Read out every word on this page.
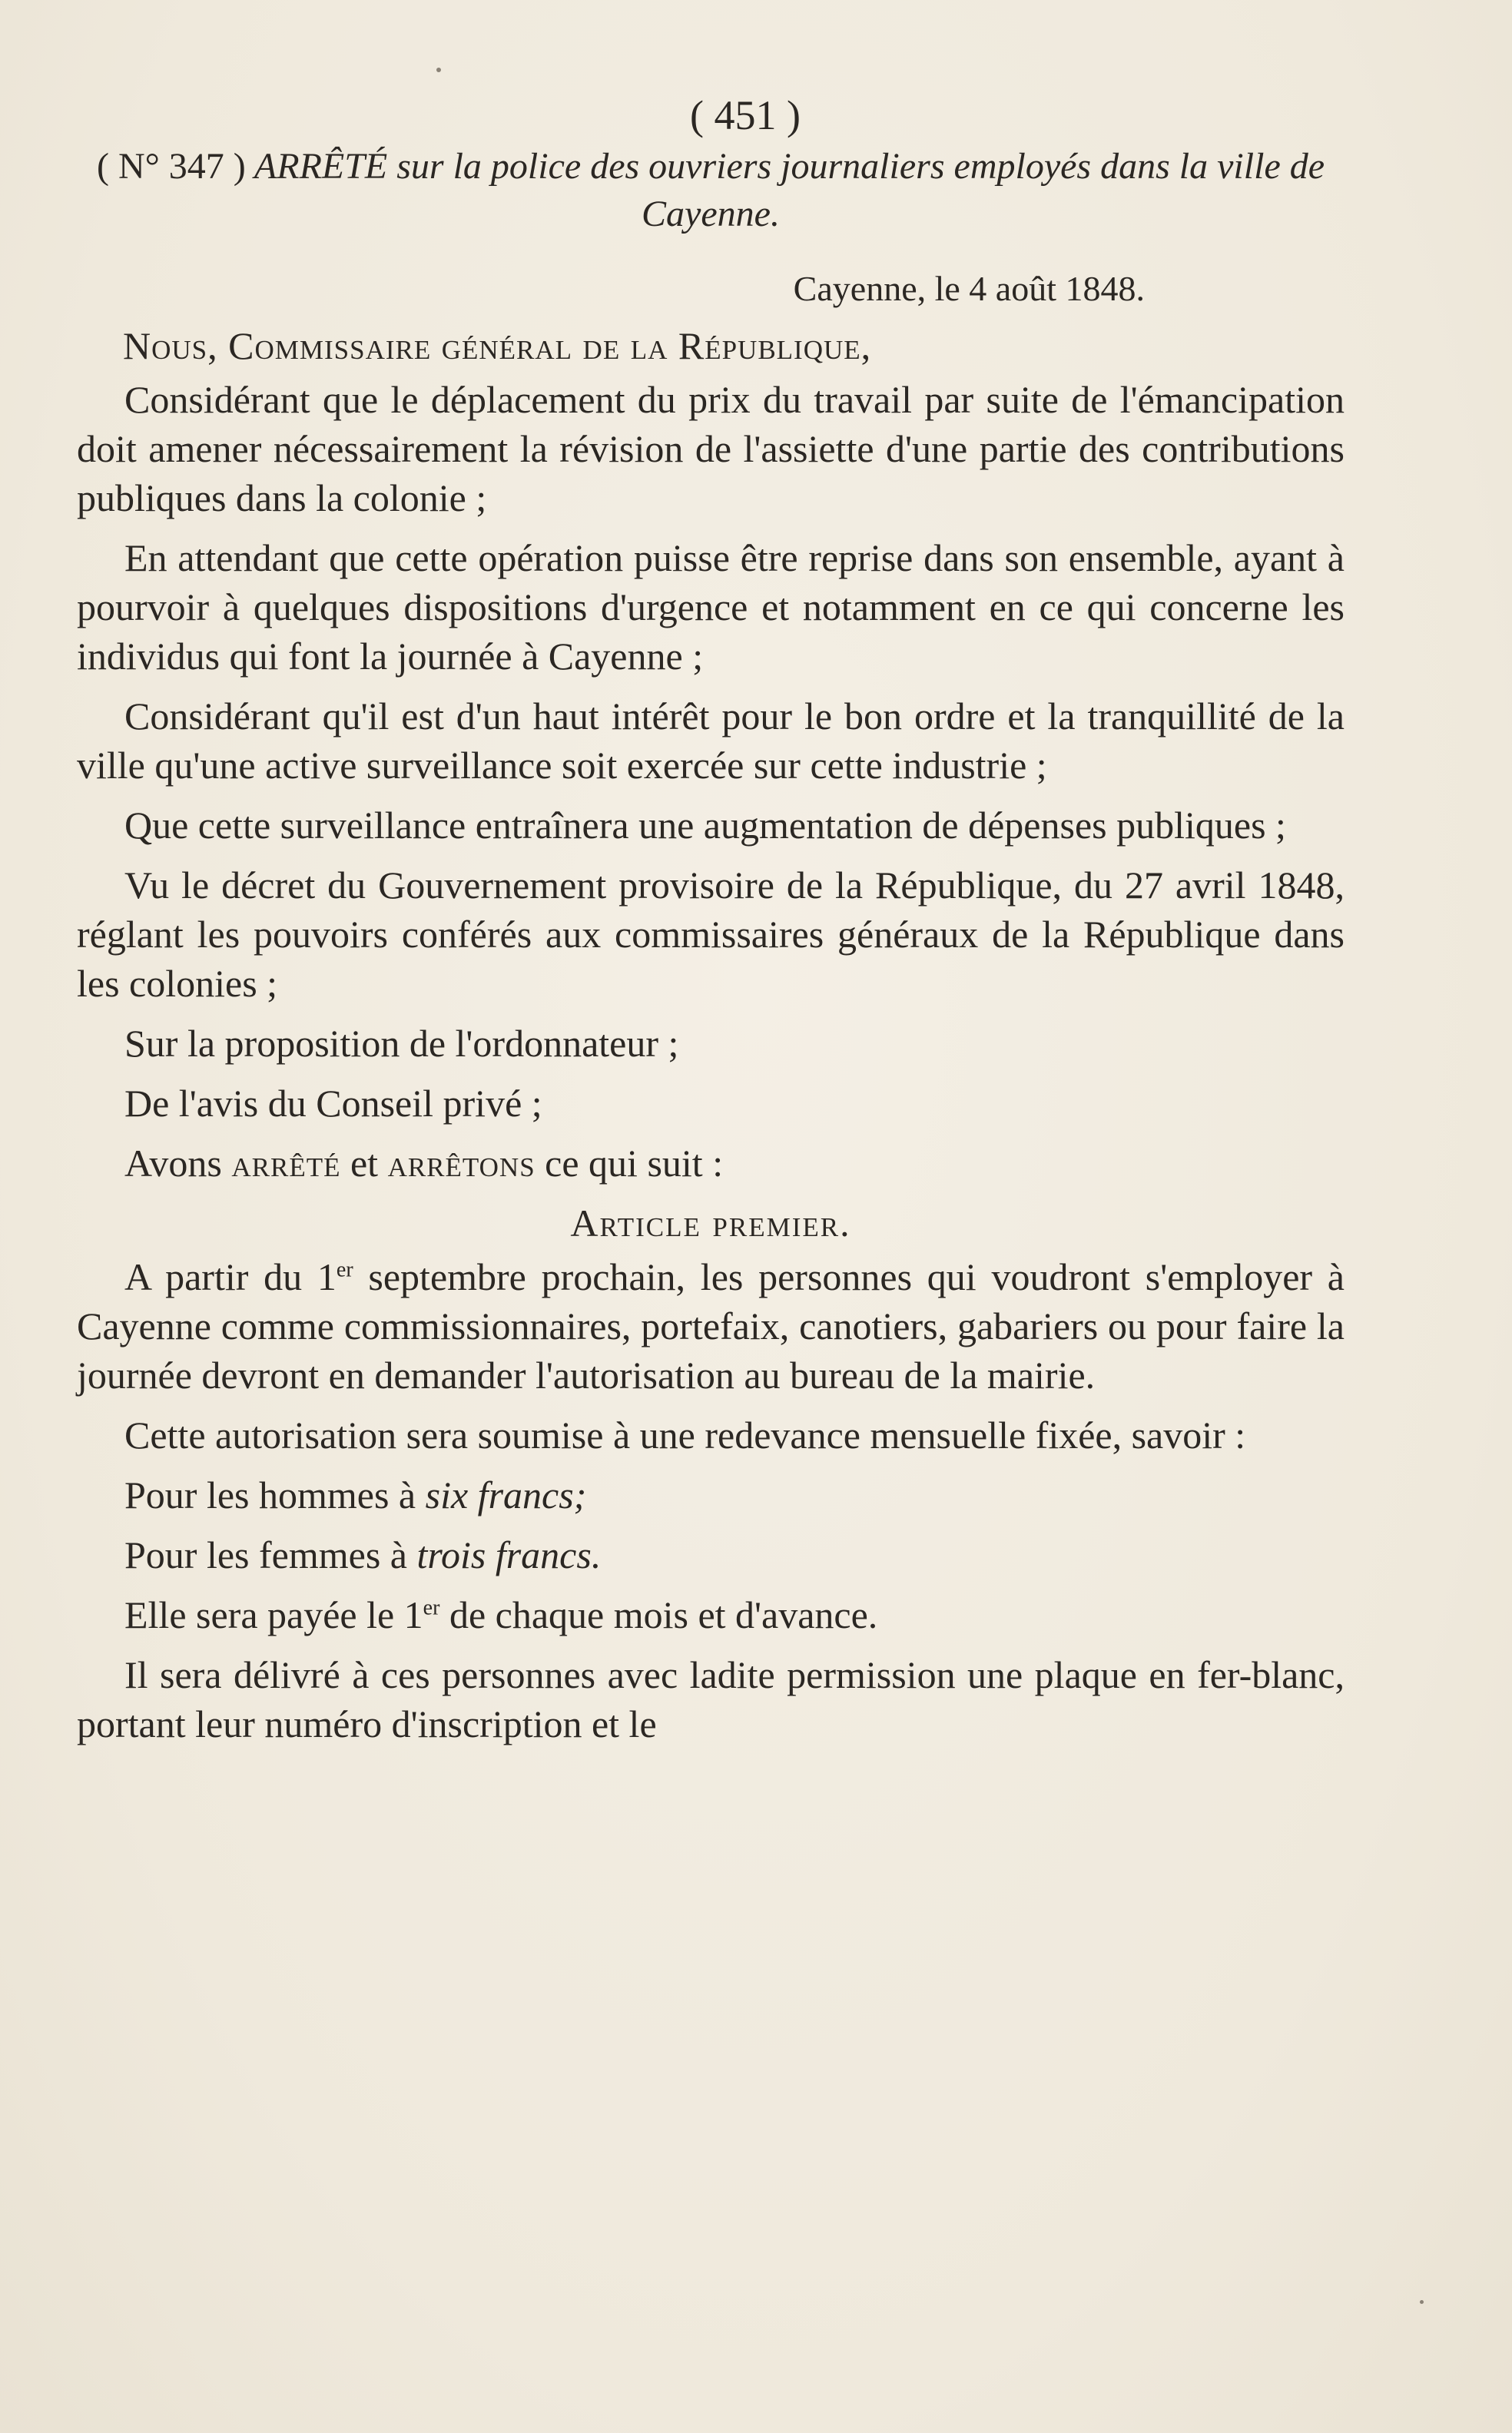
( 451 )
( N° 347 ) ARRÊTÉ sur la police des ouvriers journaliers employés dans la ville de Cayenne.
Cayenne, le 4 août 1848.
Nous, Commissaire général de la République,

Considérant que le déplacement du prix du travail par suite de l'émancipation doit amener nécessairement la révision de l'assiette d'une partie des contributions publiques dans la colonie ;

En attendant que cette opération puisse être reprise dans son ensemble, ayant à pourvoir à quelques dispositions d'urgence et notamment en ce qui concerne les individus qui font la journée à Cayenne ;

Considérant qu'il est d'un haut intérêt pour le bon ordre et la tranquillité de la ville qu'une active surveillance soit exercée sur cette industrie ;

Que cette surveillance entraînera une augmentation de dépenses publiques ;

Vu le décret du Gouvernement provisoire de la République, du 27 avril 1848, réglant les pouvoirs conférés aux commissaires généraux de la République dans les colonies ;

Sur la proposition de l'ordonnateur ;

De l'avis du Conseil privé ;

Avons arrêté et arrêtons ce qui suit :

Article premier.

A partir du 1er septembre prochain, les personnes qui voudront s'employer à Cayenne comme commissionnaires, portefaix, canotiers, gabariers ou pour faire la journée devront en demander l'autorisation au bureau de la mairie.

Cette autorisation sera soumise à une redevance mensuelle fixée, savoir :

Pour les hommes à six francs;

Pour les femmes à trois francs.

Elle sera payée le 1er de chaque mois et d'avance.

Il sera délivré à ces personnes avec ladite permission une plaque en fer-blanc, portant leur numéro d'inscription et le
